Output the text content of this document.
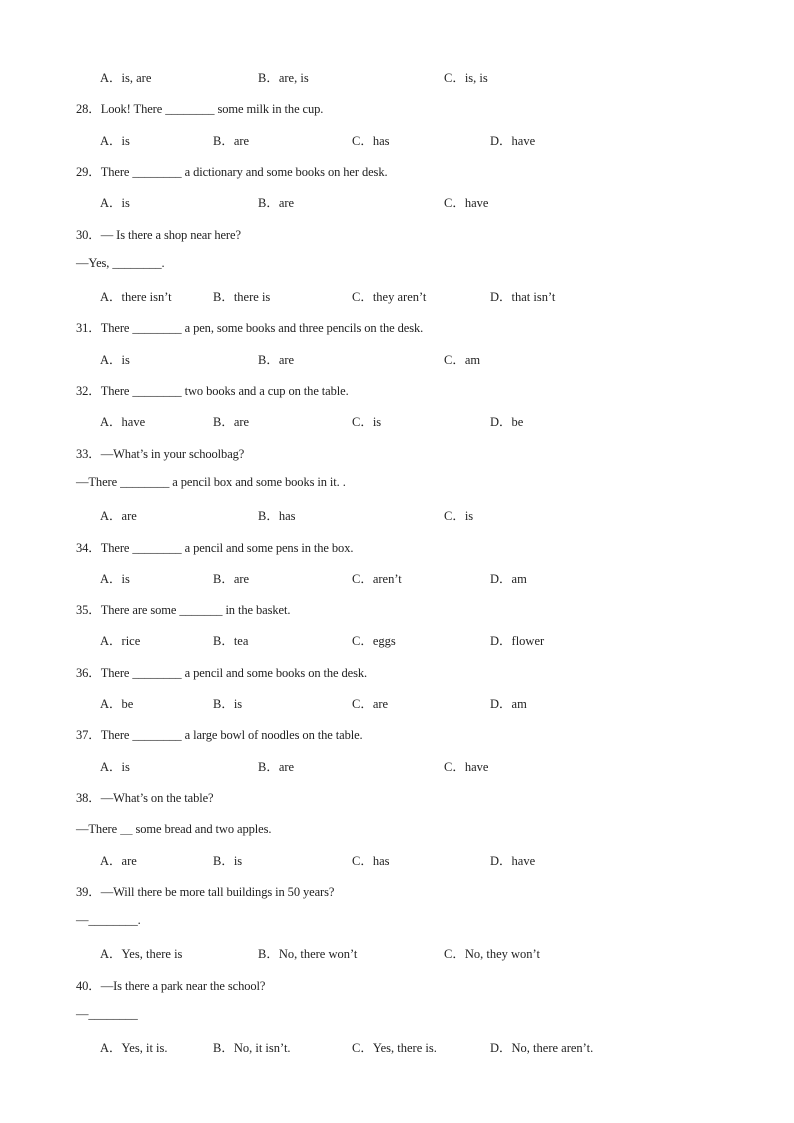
A．is, are	B．are, is	C．is, is
28．Look! There ________ some milk in the cup.
A．is	B．are	C．has	D．have
29．There ________ a dictionary and some books on her desk.
A．is	B．are	C．have
30．— Is there a shop near here?
—Yes, ________.
A．there isn’t	B．there is	C．they aren’t	D．that isn’t
31．There ________ a pen, some books and three pencils on the desk.
A．is	B．are	C．am
32．There ________ two books and a cup on the table.
A．have	B．are	C．is	D．be
33．—What’s in your schoolbag?
—There ________ a pencil box and some books in it. .
A．are	B．has	C．is
34．There ________ a pencil and some pens in the box.
A．is	B．are	C．aren’t	D．am
35．There are some _______ in the basket.
A．rice	B．tea	C．eggs	D．flower
36．There ________ a pencil and some books on the desk.
A．be	B．is	C．are	D．am
37．There ________ a large bowl of noodles on the table.
A．is	B．are	C．have
38．—What’s on the table?
—There ＿ some bread and two apples.
A．are	B．is	C．has	D．have
39．—Will there be more tall buildings in 50 years?
—________.
A．Yes, there is	B．No, there won’t	C．No, they won’t
40．—Is there a park near the school?
—________
A．Yes, it is.	B．No, it isn’t.	C．Yes, there is.	D．No, there aren’t.
